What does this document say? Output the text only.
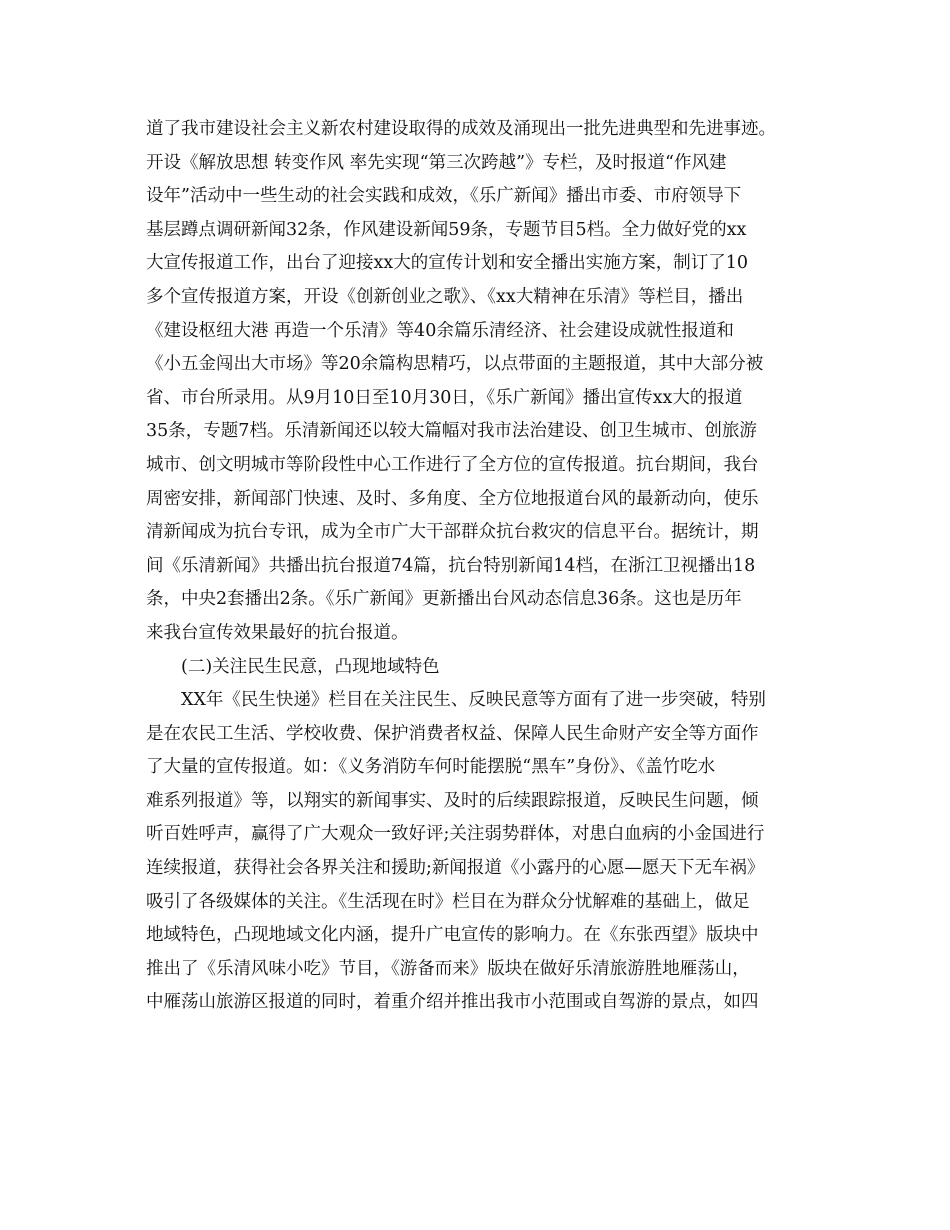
道了我市建设社会主义新农村建设取得的成效及涌现出一批先进典型和先进事迹。
开设《解放思想 转变作风 率先实现“第三次跨越”》专栏，及时报道“作风建
设年”活动中一些生动的社会实践和成效，《乐广新闻》播出市委、市府领导下
基层蹲点调研新闻32条，作风建设新闻59条，专题节目5档。全力做好党的xx
大宣传报道工作，出台了迎接xx大的宣传计划和安全播出实施方案，制订了10
多个宣传报道方案，开设《创新创业之歌》、《xx大精神在乐清》等栏目，播出
《建设枢纽大港 再造一个乐清》等40余篇乐清经济、社会建设成就性报道和
《小五金闯出大市场》等20余篇构思精巧，以点带面的主题报道，其中大部分被
省、市台所录用。从9月10日至10月30日，《乐广新闻》播出宣传xx大的报道
35条，专题7档。乐清新闻还以较大篇幅对我市法治建设、创卫生城市、创旅游
城市、创文明城市等阶段性中心工作进行了全方位的宣传报道。抗台期间，我台
周密安排，新闻部门快速、及时、多角度、全方位地报道台风的最新动向，使乐
清新闻成为抗台专讯，成为全市广大干部群众抗台救灾的信息平台。据统计，期
间《乐清新闻》共播出抗台报道74篇，抗台特别新闻14档，在浙江卫视播出18
条，中央2套播出2条。《乐广新闻》更新播出台风动态信息36条。这也是历年
来我台宣传效果最好的抗台报道。
(二)关注民生民意，凸现地域特色
XX年《民生快递》栏目在关注民生、反映民意等方面有了进一步突破，特别
是在农民工生活、学校收费、保护消费者权益、保障人民生命财产安全等方面作
了大量的宣传报道。如：《义务消防车何时能摆脱“黑车”身份》、《盖竹吃水
难系列报道》等，以翔实的新闻事实、及时的后续跟踪报道，反映民生问题，倾
听百姓呼声，赢得了广大观众一致好评;关注弱势群体，对患白血病的小金国进行
连续报道，获得社会各界关注和援助;新闻报道《小露丹的心愿—愿天下无车祸》
吸引了各级媒体的关注。《生活现在时》栏目在为群众分忧解难的基础上，做足
地域特色，凸现地域文化内涵，提升广电宣传的影响力。在《东张西望》版块中
推出了《乐清风味小吃》节目，《游备而来》版块在做好乐清旅游胜地雁荡山，
中雁荡山旅游区报道的同时，着重介绍并推出我市小范围或自驾游的景点，如四
